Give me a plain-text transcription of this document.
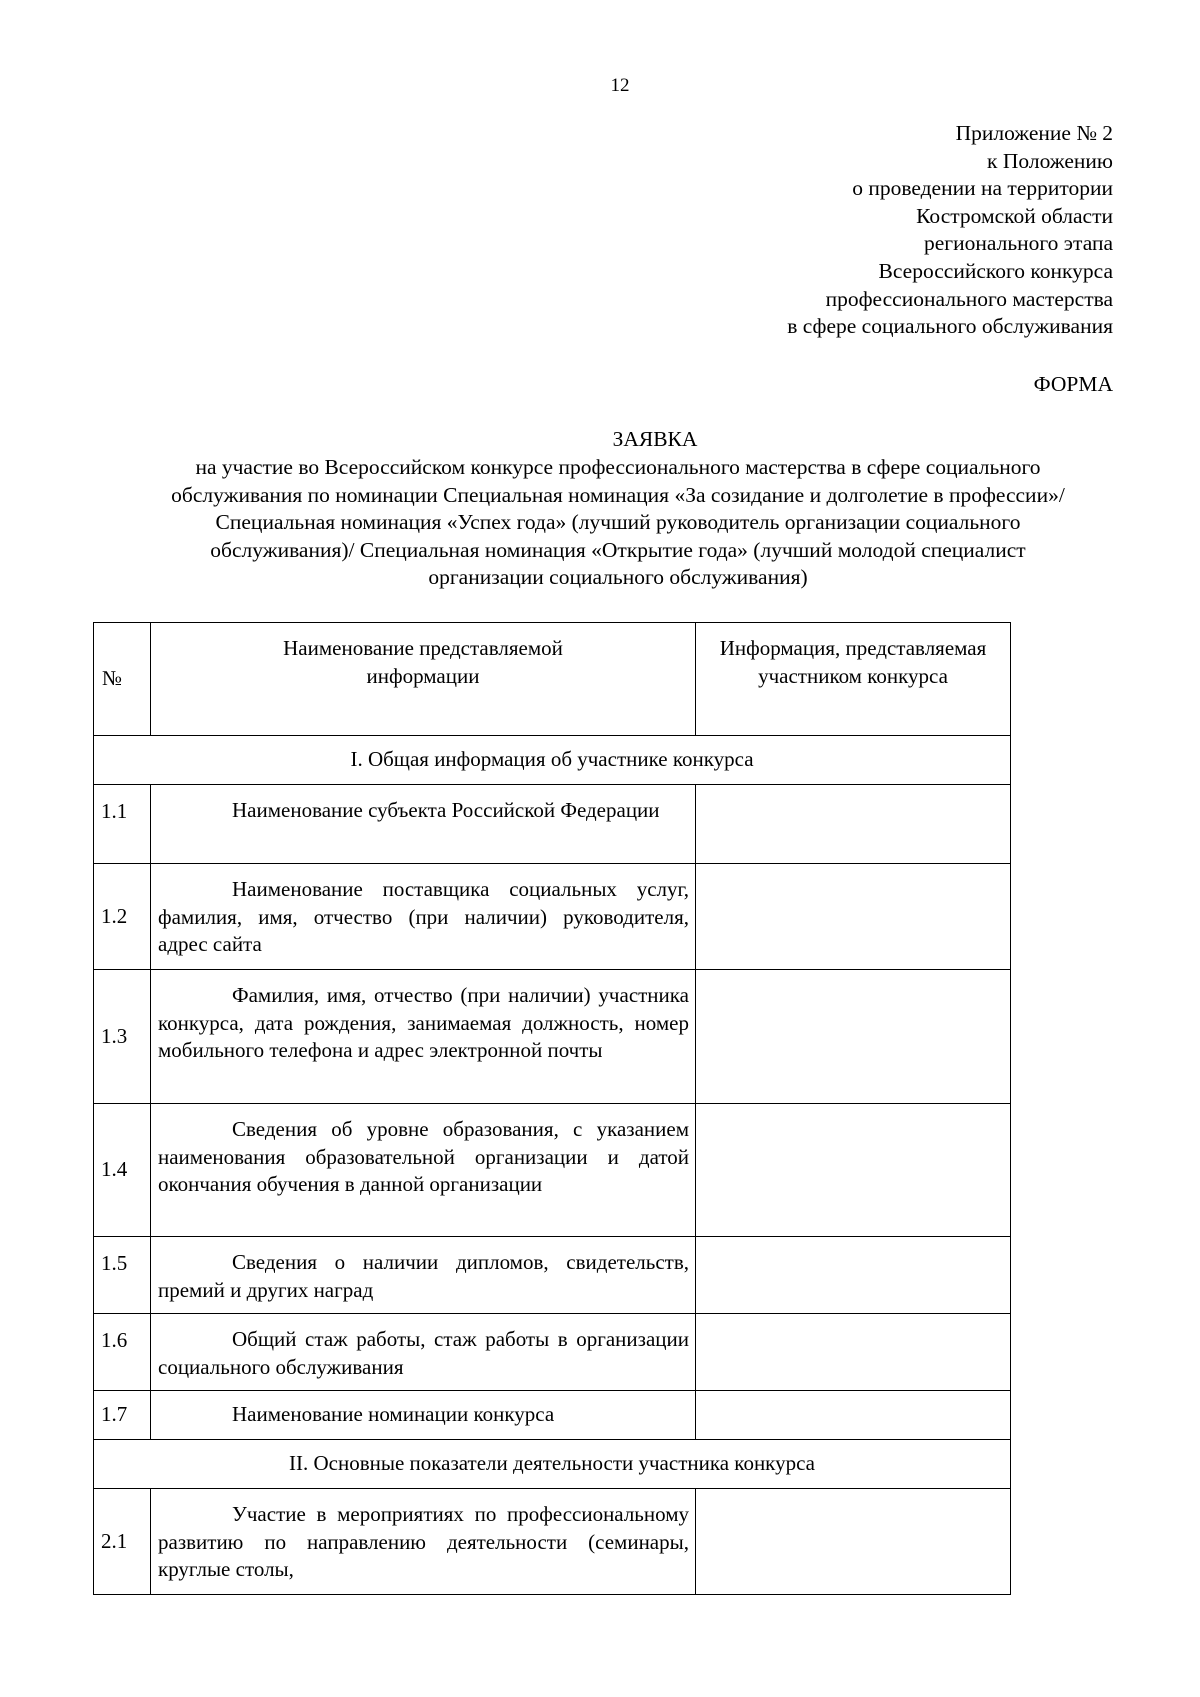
12
Приложение № 2
к Положению
о проведении на территории
Костромской области
регионального этапа
Всероссийского конкурса
профессионального мастерства
в сфере социального обслуживания
ФОРМА
ЗАЯВКА
на участие во Всероссийском конкурсе профессионального мастерства в сфере социального
обслуживания по номинации Специальная номинация «За созидание и долголетие в профессии»/
Специальная номинация «Успех года» (лучший руководитель организации социального
обслуживания)/ Специальная номинация «Открытие года» (лучший молодой специалист
организации социального обслуживания)
№	Наименование представляемой информации	Информация, представляемая участником конкурса

I. Общая информация об участнике конкурса		
1.1	Наименование субъекта Российской Федерации	
1.2	Наименование поставщика социальных услуг, фамилия, имя, отчество (при наличии) руководителя, адрес сайта	
1.3	Фамилия, имя, отчество (при наличии) участника конкурса, дата рождения, занимаемая должность, номер мобильного телефона и адрес электронной почты	
1.4	Сведения об уровне образования, с указанием наименования образовательной организации и датой окончания обучения в данной организации	
1.5	Сведения о наличии дипломов, свидетельств, премий и других наград	
1.6	Общий стаж работы, стаж работы в организации социального обслуживания	
1.7	Наименование номинации конкурса	
II. Основные показатели деятельности участника конкурса		
2.1	Участие в мероприятиях по профессиональному развитию по направлению деятельности (семинары, круглые столы,	
